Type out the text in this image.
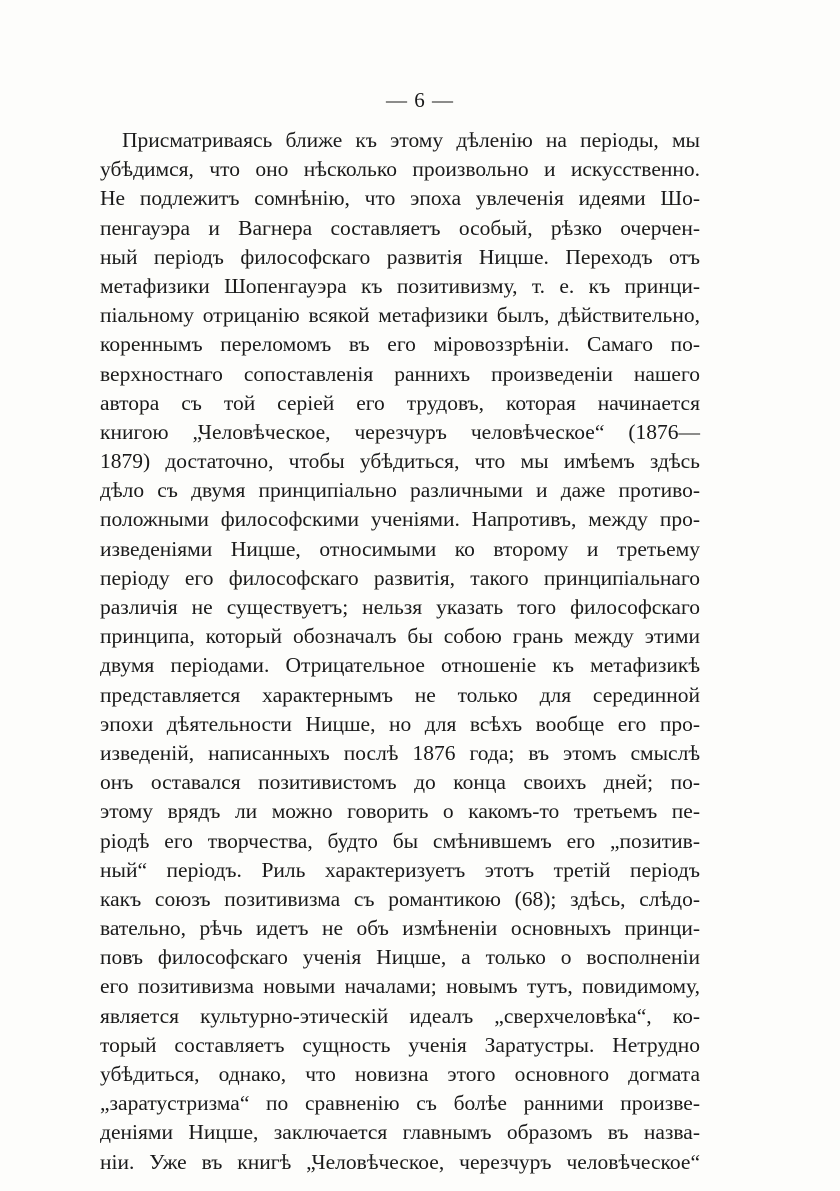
— 6 —
Присматриваясь ближе къ этому дѣленію на періоды, мы
убѣдимся, что оно нѣсколько произвольно и искусственно.
Не подлежитъ сомнѣнію, что эпоха увлеченія идеями Шо-
пенгауэра и Вагнера составляетъ особый, рѣзко очерчен-
ный періодъ философскаго развитія Ницше. Переходъ отъ
метафизики Шопенгауэра къ позитивизму, т. е. къ принци-
піальному отрицанію всякой метафизики былъ, дѣйствительно,
кореннымъ переломомъ въ его міровоззрѣніи. Самаго по-
верхностнаго сопоставленія раннихъ произведеніи нашего
автора съ той серіей его трудовъ, которая начинается
книгою „Человѣческое, черезчуръ человѣческое“ (1876—
1879) достаточно, чтобы убѣдиться, что мы имѣемъ здѣсь
дѣло съ двумя принципіально различными и даже противо-
положными философскими ученіями. Напротивъ, между про-
изведеніями Ницше, относимыми ко второму и третьему
періоду его философскаго развитія, такого принципіальнаго
различія не существуетъ; нельзя указать того философскаго
принципа, который обозначалъ бы собою грань между этими
двумя періодами. Отрицательное отношеніе къ метафизикѣ
представляется характернымъ не только для серединной
эпохи дѣятельности Ницше, но для всѣхъ вообще его про-
изведеній, написанныхъ послѣ 1876 года; въ этомъ смыслѣ
онъ оставался позитивистомъ до конца своихъ дней; по-
этому врядъ ли можно говорить о какомъ-то третьемъ пе-
ріодѣ его творчества, будто бы смѣнившемъ его „позитив-
ный“ періодъ. Риль характеризуетъ этотъ третій періодъ
какъ союзъ позитивизма съ романтикою (68); здѣсь, слѣдо-
вательно, рѣчь идетъ не объ измѣненіи основныхъ принци-
повъ философскаго ученія Ницше, а только о восполненіи
его позитивизма новыми началами; новымъ тутъ, повидимому,
является культурно-этическій идеалъ „сверхчеловѣка“, ко-
торый составляетъ сущность ученія Заратустры. Нетрудно
убѣдиться, однако, что новизна этого основного догмата
„заратустризма“ по сравненію съ болѣе ранними произве-
деніями Ницше, заключается главнымъ образомъ въ назва-
ніи. Уже въ книгѣ „Человѣческое, черезчуръ человѣческое“
